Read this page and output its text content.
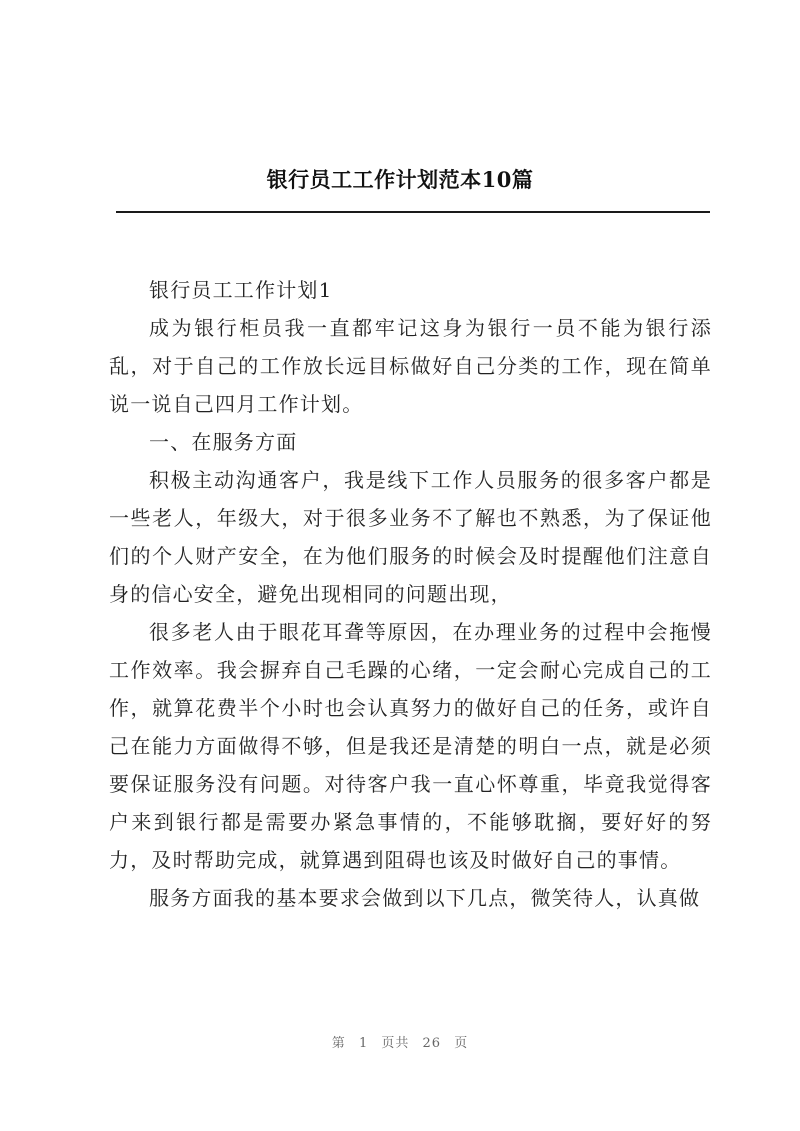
银行员工工作计划范本10篇

银行员工工作计划1

成为银行柜员我一直都牢记这身为银行一员不能为银行添乱，对于自己的工作放长远目标做好自己分类的工作，现在简单说一说自己四月工作计划。

一、在服务方面

积极主动沟通客户，我是线下工作人员服务的很多客户都是一些老人，年级大，对于很多业务不了解也不熟悉，为了保证他们的个人财产安全，在为他们服务的时候会及时提醒他们注意自身的信心安全，避免出现相同的问题出现，

很多老人由于眼花耳聋等原因，在办理业务的过程中会拖慢工作效率。我会摒弃自己毛躁的心绪，一定会耐心完成自己的工作，就算花费半个小时也会认真努力的做好自己的任务，或许自己在能力方面做得不够，但是我还是清楚的明白一点，就是必须要保证服务没有问题。对待客户我一直心怀尊重，毕竟我觉得客户来到银行都是需要办紧急事情的，不能够耽搁，要好好的努力，及时帮助完成，就算遇到阻碍也该及时做好自己的事情。

服务方面我的基本要求会做到以下几点，微笑待人，认真做

第 1 页共 26 页
